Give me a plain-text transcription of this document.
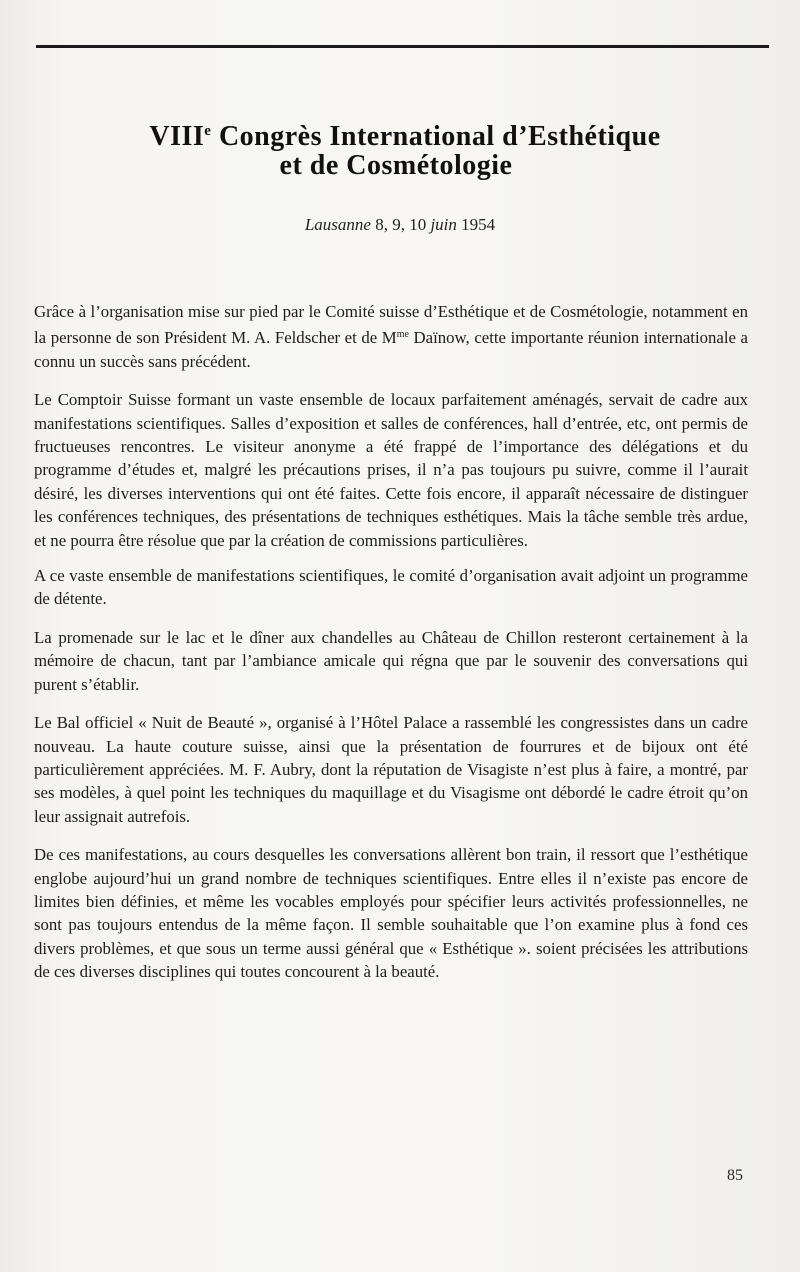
VIIIe Congrès International d’Esthétique
et de Cosmétologie
Lausanne 8, 9, 10 juin 1954

Grâce à l’organisation mise sur pied par le Comité suisse d’Esthétique et de Cosmétologie, notamment en la personne de son Président M. A. Feldscher et de $M^{me}$ Daïnow, cette importante réunion internationale a connu un succès sans précédent.

Le Comptoir Suisse formant un vaste ensemble de locaux parfaitement aménagés, servait de cadre aux manifestations scientifiques. Salles d’exposition et salles de conférences, hall d’entrée, etc, ont permis de fructueuses rencontres. Le visiteur anonyme a été frappé de l’importance des délégations et du programme d’études et, malgré les précautions prises, il n’a pas toujours pu suivre, comme il l’aurait désiré, les diverses interventions qui ont été faites. Cette fois encore, il apparaît nécessaire de distinguer les conférences techniques, des présentations de techniques esthétiques. Mais la tâche semble très ardue, et ne pourra être résolue que par la création de commissions particulières.

A ce vaste ensemble de manifestations scientifiques, le comité d’organisation avait adjoint un programme de détente.

La promenade sur le lac et le dîner aux chandelles au Château de Chillon resteront certainement à la mémoire de chacun, tant par l’ambiance amicale qui régna que par le souvenir des conversations qui purent s’établir.

Le Bal officiel « Nuit de Beauté », organisé à l’Hôtel Palace a rassemblé les congressistes dans un cadre nouveau. La haute couture suisse, ainsi que la présentation de fourrures et de bijoux ont été particulièrement appréciées. M. F. Aubry, dont la réputation de Visagiste n’est plus à faire, a montré, par ses modèles, à quel point les techniques du maquillage et du Visagisme ont débordé le cadre étroit qu’on leur assignait autrefois.

De ces manifestations, au cours desquelles les conversations allèrent bon train, il ressort que l’esthétique englobe aujourd’hui un grand nombre de techniques scientifiques. Entre elles il n’existe pas encore de limites bien définies, et même les vocables employés pour spécifier leurs activités professionnelles, ne sont pas toujours entendus de la même façon. Il semble souhaitable que l’on examine plus à fond ces divers problèmes, et que sous un terme aussi général que « Esthétique ». soient précisées les attributions de ces diverses disciplines qui toutes concourent à la beauté.

85
